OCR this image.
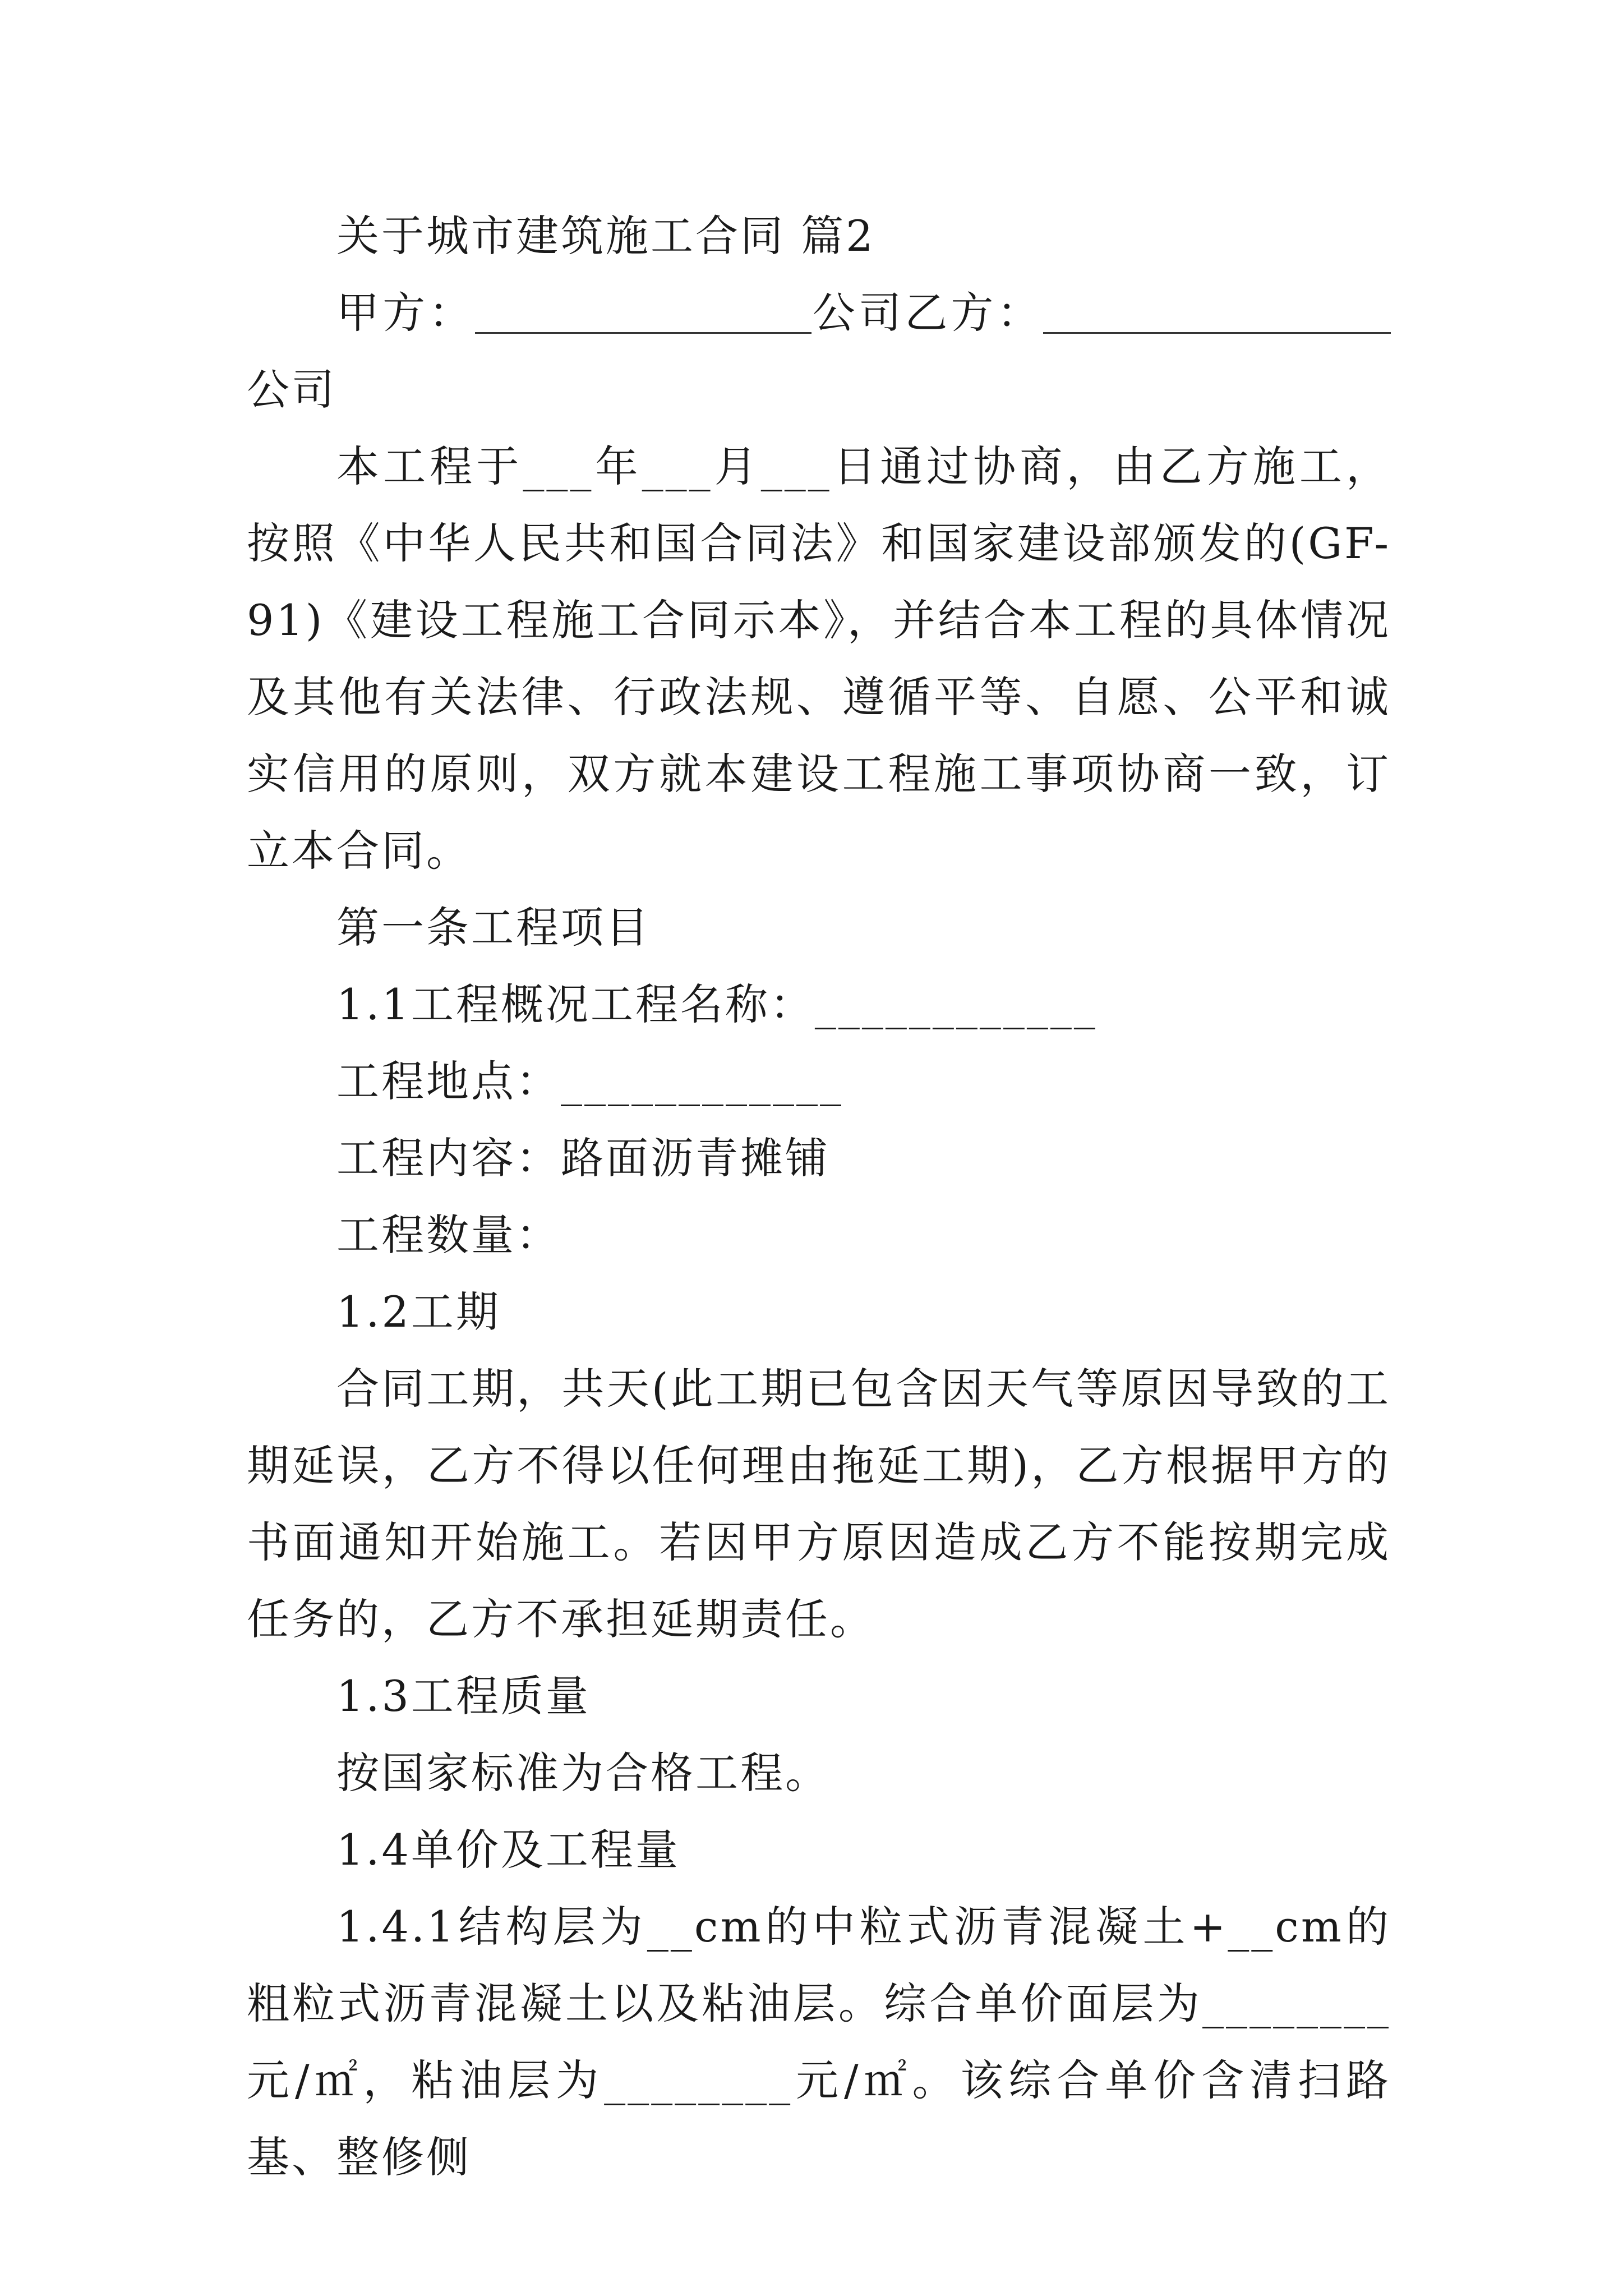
关于城市建筑施工合同 篇2

甲方：	公司乙方：公司

本工程于___年___月___日通过协商，由乙方施工，按照《中华人民共和国合同法》和国家建设部颁发的(GF-91)《建设工程施工合同示本》，并结合本工程的具体情况及其他有关法律、行政法规、遵循平等、自愿、公平和诚实信用的原则，双方就本建设工程施工事项协商一致，订立本合同。

第一条工程项目

1.1工程概况工程名称：____________

工程地点：____________

工程内容：路面沥青摊铺

工程数量：

1.2工期

合同工期，共天(此工期已包含因天气等原因导致的工期延误，乙方不得以任何理由拖延工期)，乙方根据甲方的书面通知开始施工。若因甲方原因造成乙方不能按期完成任务的，乙方不承担延期责任。

1.3工程质量

按国家标准为合格工程。

1.4单价及工程量

1.4.1结构层为__cm的中粒式沥青混凝土+__cm的粗粒式沥青混凝土以及粘油层。综合单价面层为________元/㎡，粘油层为________元/㎡。该综合单价含清扫路基、整修侧
